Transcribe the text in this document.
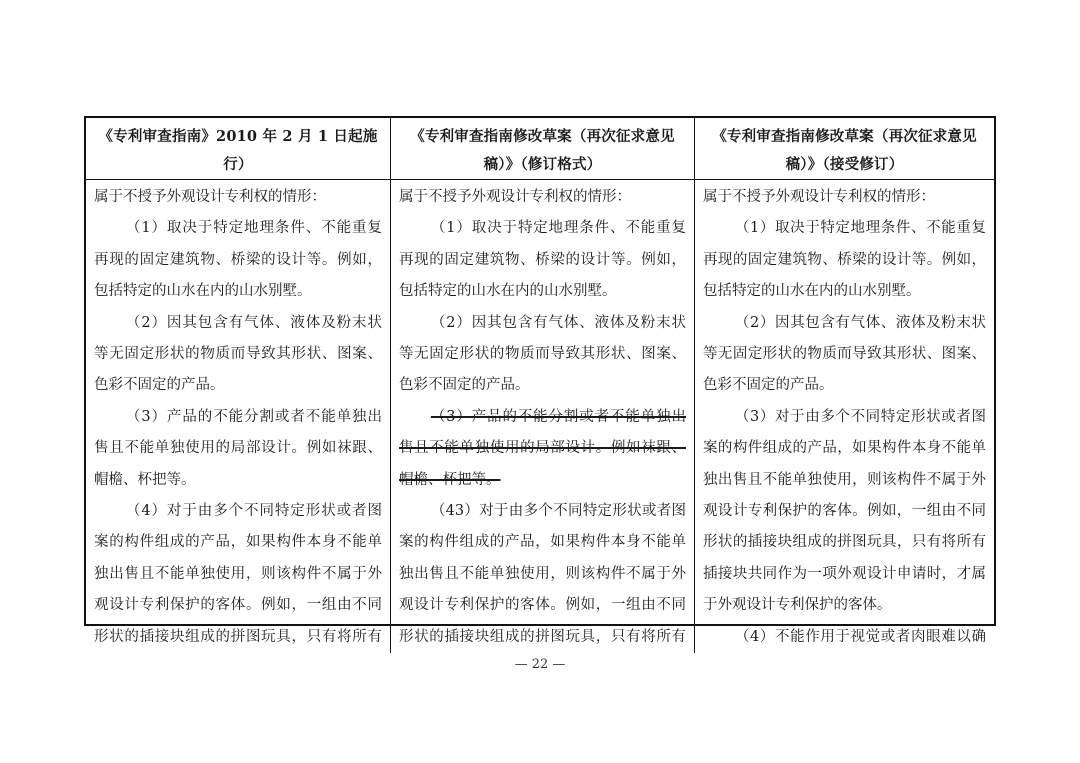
《专利审查指南》2010 年 2 月 1 日起施行）
属于不授予外观设计专利权的情形：
（1）取决于特定地理条件、不能重复
再现的固定建筑物、桥梁的设计等。例如，
包括特定的山水在内的山水别墅。
（2）因其包含有气体、液体及粉末状
等无固定形状的物质而导致其形状、图案、
色彩不固定的产品。
（3）产品的不能分割或者不能单独出
售且不能单独使用的局部设计。例如袜跟、
帽檐、杯把等。
（4）对于由多个不同特定形状或者图
案的构件组成的产品，如果构件本身不能单
独出售且不能单独使用，则该构件不属于外
观设计专利保护的客体。例如，一组由不同
形状的插接块组成的拼图玩具，只有将所有
《专利审查指南修改草案（再次征求意见稿）》（修订格式）
属于不授予外观设计专利权的情形：
（1）取决于特定地理条件、不能重复
再现的固定建筑物、桥梁的设计等。例如，
包括特定的山水在内的山水别墅。
（2）因其包含有气体、液体及粉末状
等无固定形状的物质而导致其形状、图案、
色彩不固定的产品。
（3）产品的不能分割或者不能单独出
售且不能单独使用的局部设计。例如袜跟、
帽檐、杯把等。
（43）对于由多个不同特定形状或者图
案的构件组成的产品，如果构件本身不能单
独出售且不能单独使用，则该构件不属于外
观设计专利保护的客体。例如，一组由不同
形状的插接块组成的拼图玩具，只有将所有
《专利审查指南修改草案（再次征求意见稿）》（接受修订）
属于不授予外观设计专利权的情形：
（1）取决于特定地理条件、不能重复
再现的固定建筑物、桥梁的设计等。例如，
包括特定的山水在内的山水别墅。
（2）因其包含有气体、液体及粉末状
等无固定形状的物质而导致其形状、图案、
色彩不固定的产品。
（3）对于由多个不同特定形状或者图
案的构件组成的产品，如果构件本身不能单
独出售且不能单独使用，则该构件不属于外
观设计专利保护的客体。例如，一组由不同
形状的插接块组成的拼图玩具，只有将所有
插接块共同作为一项外观设计申请时，才属
于外观设计专利保护的客体。
（4）不能作用于视觉或者肉眼难以确
— 22 —
